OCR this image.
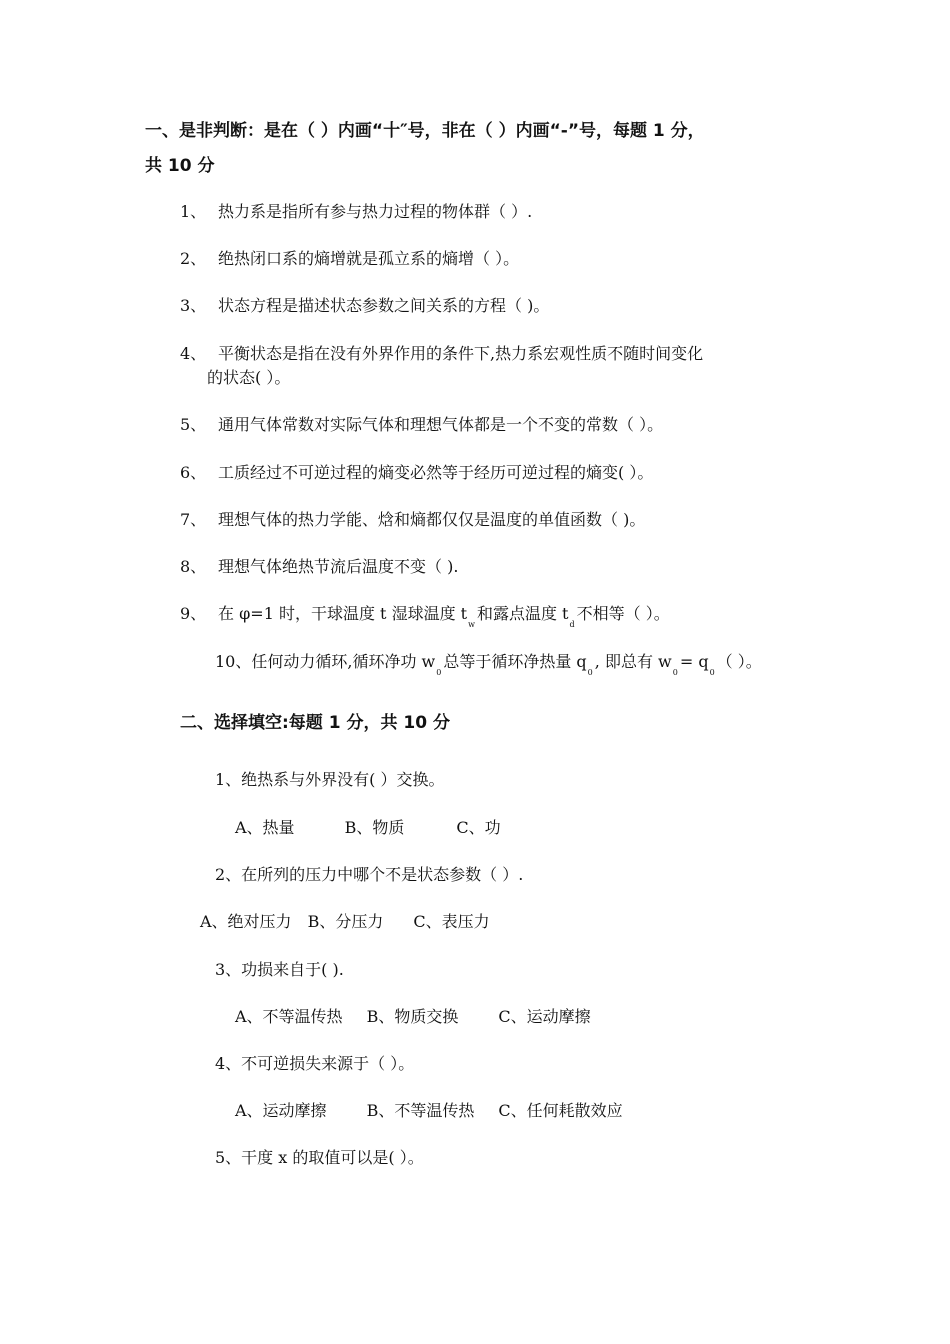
一、是非判断：是在（ ）内画“十″号，非在（ ）内画“-”号，每题 1 分，
共 10 分
1、 热力系是指所有参与热力过程的物体群（ ）.
2、 绝热闭口系的熵增就是孤立系的熵增（ ）。
3、 状态方程是描述状态参数之间关系的方程（ )。
4、 平衡状态是指在没有外界作用的条件下,热力系宏观性质不随时间变化
的状态( ）。
5、 通用气体常数对实际气体和理想气体都是一个不变的常数（ ）。
6、 工质经过不可逆过程的熵变必然等于经历可逆过程的熵变( ）。
7、 理想气体的热力学能、焓和熵都仅仅是温度的单值函数（ )。
8、 理想气体绝热节流后温度不变（ ).
9、 在 φ=1 时，干球温度 t 湿球温度 $t_w$和露点温度 $t_d$不相等（ ）。
10、任何动力循环,循环净功 $w_0$总等于循环净热量 $q_0$, 即总有 $w_0= q_0$（ ）。
二、选择填空:每题 1 分，共 10 分
1、绝热系与外界没有( ）交换。
A、热量	B、物质	C、功
2、在所列的压力中哪个不是状态参数（ ）.
A、绝对压力 B、分压力 C、表压力
3、功损来自于( ).
A、不等温传热 B、物质交换	C、运动摩擦
4、不可逆损失来源于（ ）。
A、运动摩擦	B、不等温传热 C、任何耗散效应
5、干度 x 的取值可以是( ）。
